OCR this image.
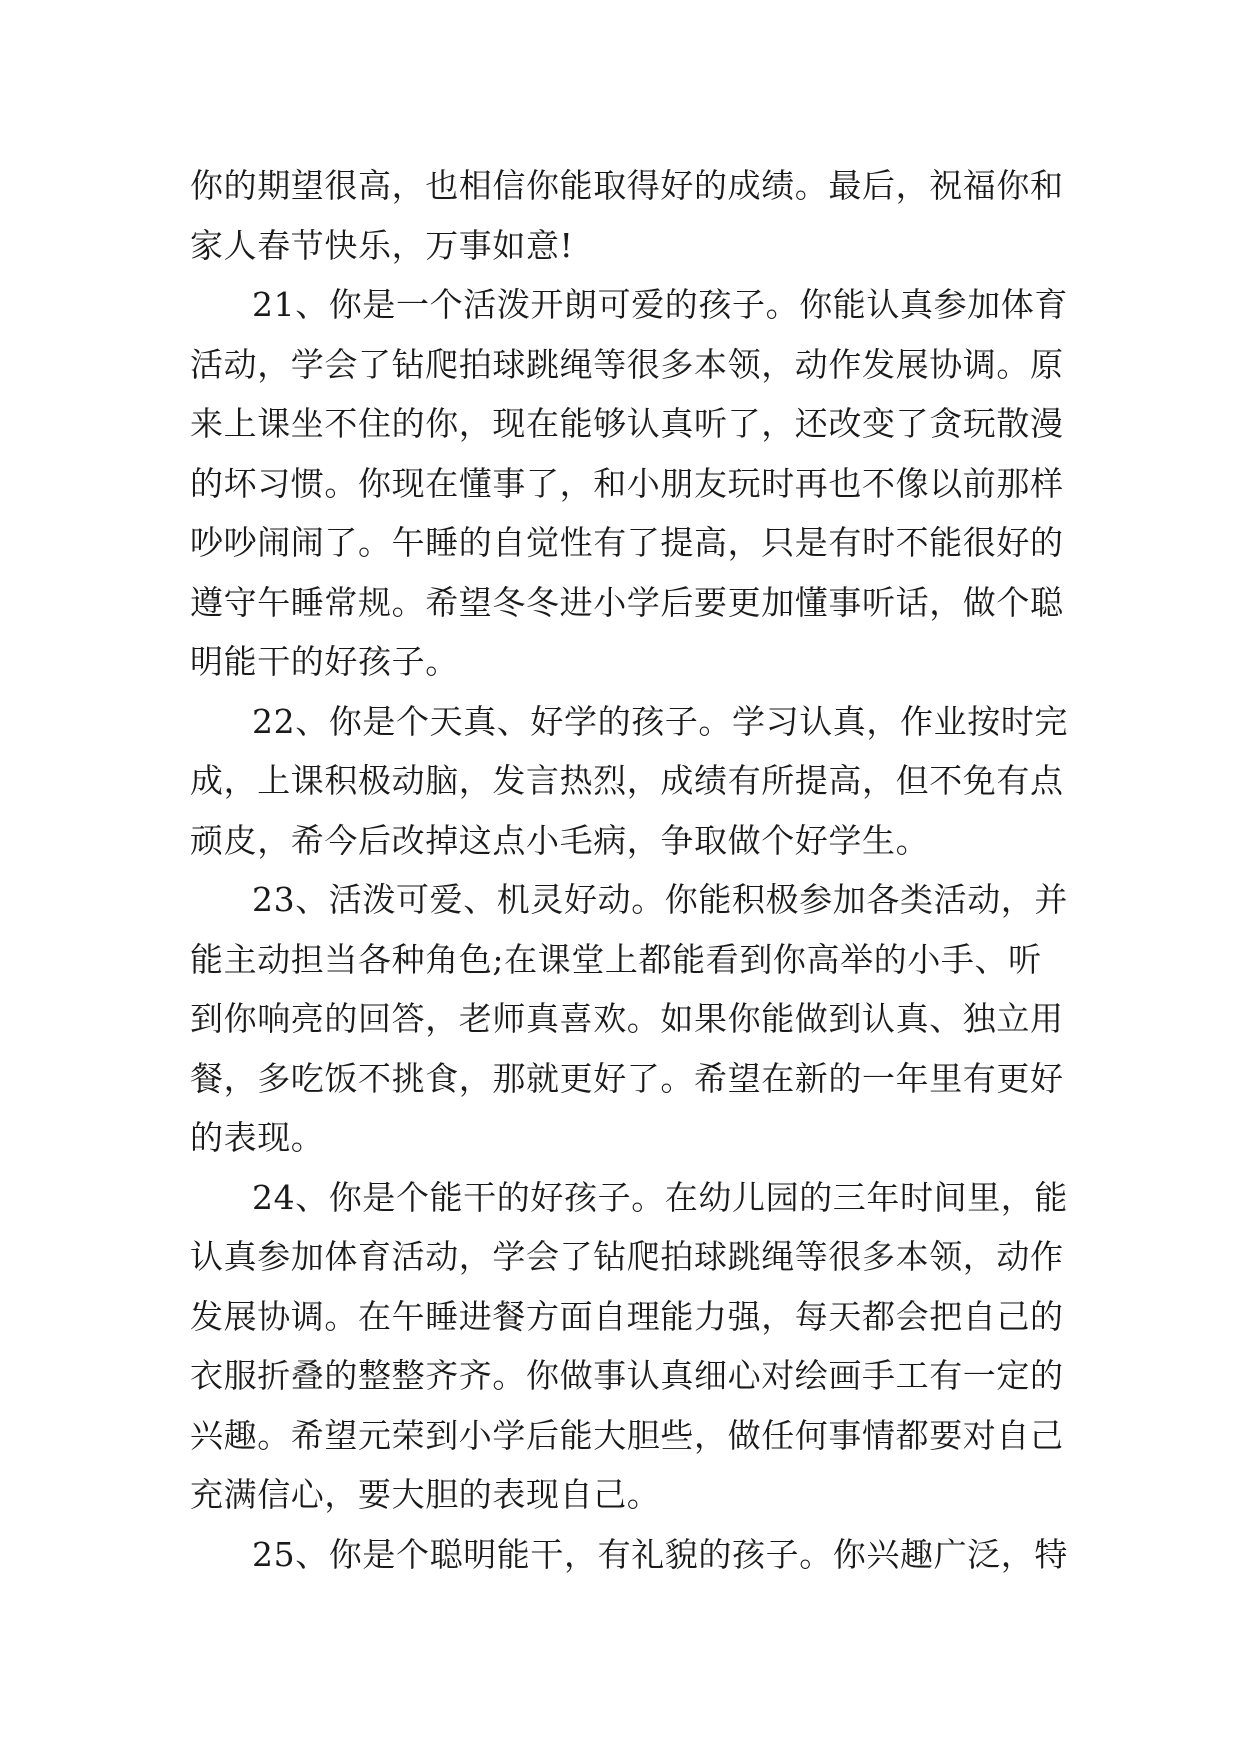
你的期望很高，也相信你能取得好的成绩。最后，祝福你和
家人春节快乐，万事如意!
21、你是一个活泼开朗可爱的孩子。你能认真参加体育
活动，学会了钻爬拍球跳绳等很多本领，动作发展协调。原
来上课坐不住的你，现在能够认真听了，还改变了贪玩散漫
的坏习惯。你现在懂事了，和小朋友玩时再也不像以前那样
吵吵闹闹了。午睡的自觉性有了提高，只是有时不能很好的
遵守午睡常规。希望冬冬进小学后要更加懂事听话，做个聪
明能干的好孩子。
22、你是个天真、好学的孩子。学习认真，作业按时完
成，上课积极动脑，发言热烈，成绩有所提高，但不免有点
顽皮，希今后改掉这点小毛病，争取做个好学生。
23、活泼可爱、机灵好动。你能积极参加各类活动，并
能主动担当各种角色;在课堂上都能看到你高举的小手、听
到你响亮的回答，老师真喜欢。如果你能做到认真、独立用
餐，多吃饭不挑食，那就更好了。希望在新的一年里有更好
的表现。
24、你是个能干的好孩子。在幼儿园的三年时间里，能
认真参加体育活动，学会了钻爬拍球跳绳等很多本领，动作
发展协调。在午睡进餐方面自理能力强，每天都会把自己的
衣服折叠的整整齐齐。你做事认真细心对绘画手工有一定的
兴趣。希望元荣到小学后能大胆些，做任何事情都要对自己
充满信心，要大胆的表现自己。
25、你是个聪明能干，有礼貌的孩子。你兴趣广泛，特
